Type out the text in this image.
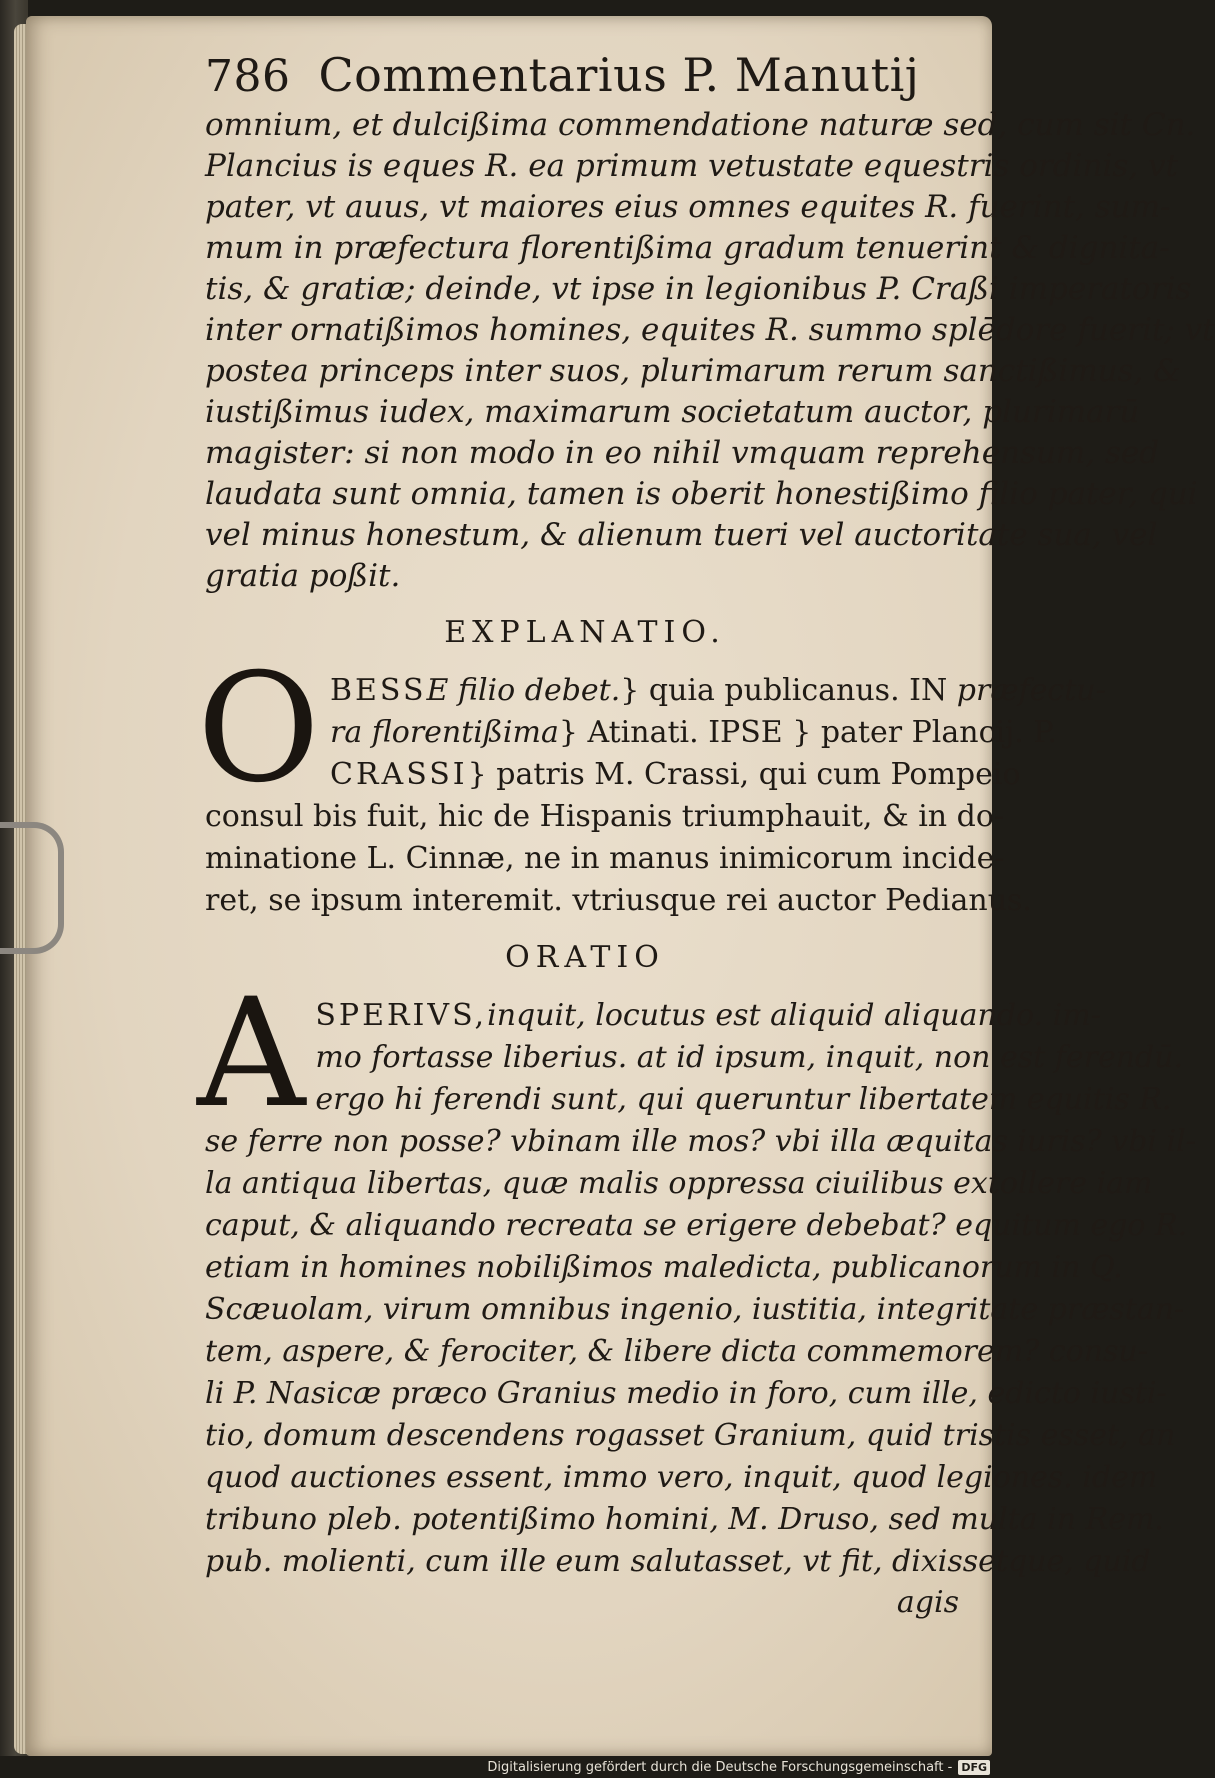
786 Commentarius P. Manutij
omnium, et dulcißima commendatione naturæ sed, cum sit Cn.
Plancius is eques R. ea primum vetustate equestris ordinis, vt
pater, vt auus, vt maiores eius omnes equites R. fuerint, sum-
mum in præfectura florentißima gradum tenuerint & dignita-
tis, & gratiæ; deinde, vt ipse in legionibus P. Craßi imperatoris
inter ornatißimos homines, equites R. summo splēdore fuerit; vt
postea princeps inter suos, plurimarum rerum sanctißimus, &
iustißimus iudex, maximarum societatum auctor, plurimarū
magister: si non modo in eo nihil vmquam reprehensum, sed
laudata sunt omnia, tamen is oberit honestißimo filio pater, qui
vel minus honestum, & alienum tueri vel auctoritate sua, vel
gratia poßit.
EXPLANATIO.
O BESSE filio debet.} quia publicanus. IN præfectu-
ra florentißima} Atinati. IPSE } pater Plancij. P.
CRASSI} patris M. Crassi, qui cum Pompeio
consul bis fuit, hic de Hispanis triumphauit, & in do-
minatione L. Cinnæ, ne in manus inimicorum incide-
ret, se ipsum interemit. vtriusque rei auctor Pedianus.
ORATIO
A SPERIVS,inquit, locutus est aliquid aliquando. im-
mo fortasse liberius. at id ipsum, inquit, non est ferendū.
ergo hi ferendi sunt, qui queruntur libertatem equitis R.
se ferre non posse? vbinam ille mos? vbi illa æquitas iuris? vbi il-
la antiqua libertas, quæ malis oppressa ciuilibus extollere iam
caput, & aliquando recreata se erigere debebat? equitum ego R.
etiam in homines nobilißimos maledicta, publicanorum in Q.
Scæuolam, virum omnibus ingenio, iustitia, integritate præstan-
tem, aspere, & ferociter, & libere dicta commemorem? consu-
li P. Nasicæ præco Granius medio in foro, cum ille, edicto iusti-
tio, domum descendens rogasset Granium, quid tristis esset, an
quod auctiones essent, immo vero, inquit, quod legiones. idem
tribuno pleb. potentißimo homini, M. Druso, sed multa in Rem.
pub. molienti, cum ille eum salutasset, vt fit, dixissetque, quid
agis
Digitalisierung gefördert durch die Deutsche Forschungsgemeinschaft - DFG
